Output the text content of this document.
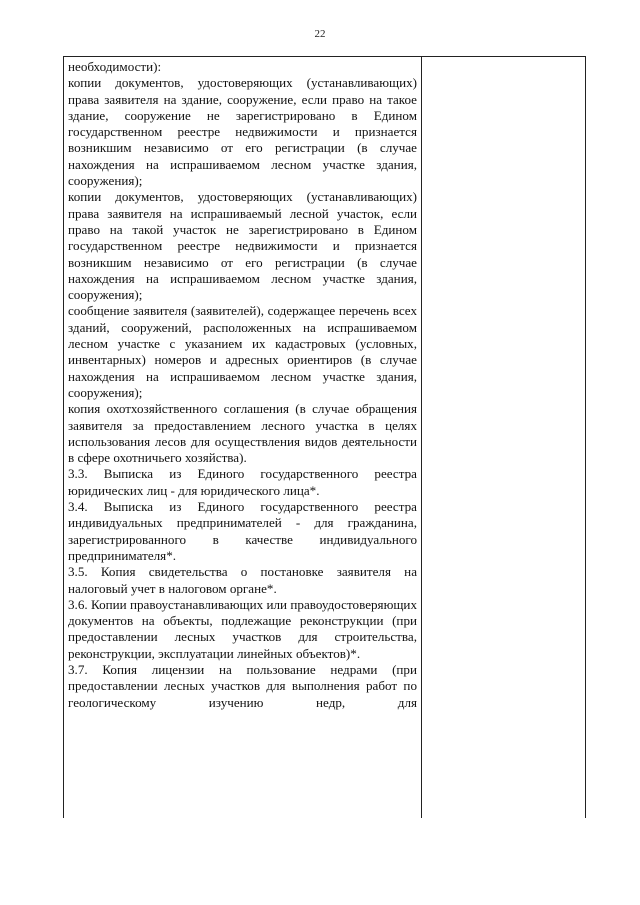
22

необходимости):

копии документов, удостоверяющих (устанавливающих) права заявителя на здание, сооружение, если право на такое здание, сооружение не зарегистрировано в Едином государственном реестре недвижимости и признается возникшим независимо от его регистрации (в случае нахождения на испрашиваемом лесном участке здания, сооружения);

копии документов, удостоверяющих (устанавливающих) права заявителя на испрашиваемый лесной участок, если право на такой участок не зарегистрировано в Едином государственном реестре недвижимости и признается возникшим независимо от его регистрации (в случае нахождения на испрашиваемом лесном участке здания, сооружения);

сообщение заявителя (заявителей), содержащее перечень всех зданий, сооружений, расположенных на испрашиваемом лесном участке с указанием их кадастровых (условных, инвентарных) номеров и адресных ориентиров (в случае нахождения на испрашиваемом лесном участке здания, сооружения);

копия охотхозяйственного соглашения (в случае обращения заявителя за предоставлением лесного участка в целях использования лесов для осуществления видов деятельности в сфере охотничьего хозяйства).

3.3. Выписка из Единого государственного реестра юридических лиц - для юридического лица*.

3.4. Выписка из Единого государственного реестра индивидуальных предпринимателей - для гражданина, зарегистрированного в качестве индивидуального предпринимателя*.

3.5. Копия свидетельства о постановке заявителя на налоговый учет в налоговом органе*.

3.6. Копии правоустанавливающих или правоудостоверяющих документов на объекты, подлежащие реконструкции (при предоставлении лесных участков для строительства, реконструкции, эксплуатации линейных объектов)*.

3.7. Копия лицензии на пользование недрами (при предоставлении лесных участков для выполнения работ по геологическому изучению недр, для
